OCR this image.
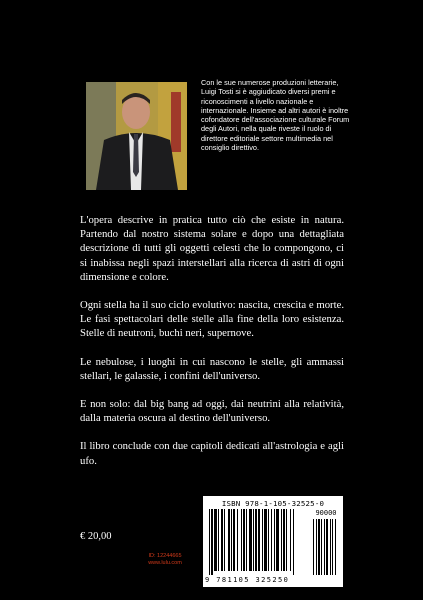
Con le sue numerose produzioni letterarie, Luigi Tosti si è aggiudicato diversi premi e riconoscimenti a livello nazionale e internazionale. Insieme ad altri autori è inoltre cofondatore dell'associazione culturale Forum degli Autori, nella quale riveste il ruolo di direttore editoriale settore multimedia nel consiglio direttivo.

L'opera descrive in pratica tutto ciò che esiste in natura. Partendo dal nostro sistema solare e dopo una dettagliata descrizione di tutti gli oggetti celesti che lo compongono, ci si inabissa negli spazi interstellari alla ricerca di astri di ogni dimensione e colore.

Ogni stella ha il suo ciclo evolutivo: nascita, crescita e morte. Le fasi spettacolari delle stelle alla fine della loro esistenza. Stelle di neutroni, buchi neri, supernove.

Le nebulose, i luoghi in cui nascono le stelle, gli ammassi stellari, le galassie, i confini dell'universo.

E non solo: dal big bang ad oggi, dai neutrini alla relatività, dalla materia oscura al destino dell'universo.

Il libro conclude con due capitoli dedicati all'astrologia e agli ufo.

€ 20,00
ID: 12244665
www.lulu.com
ISBN 978-1-105-32525-0
9 781105 325250
90000
